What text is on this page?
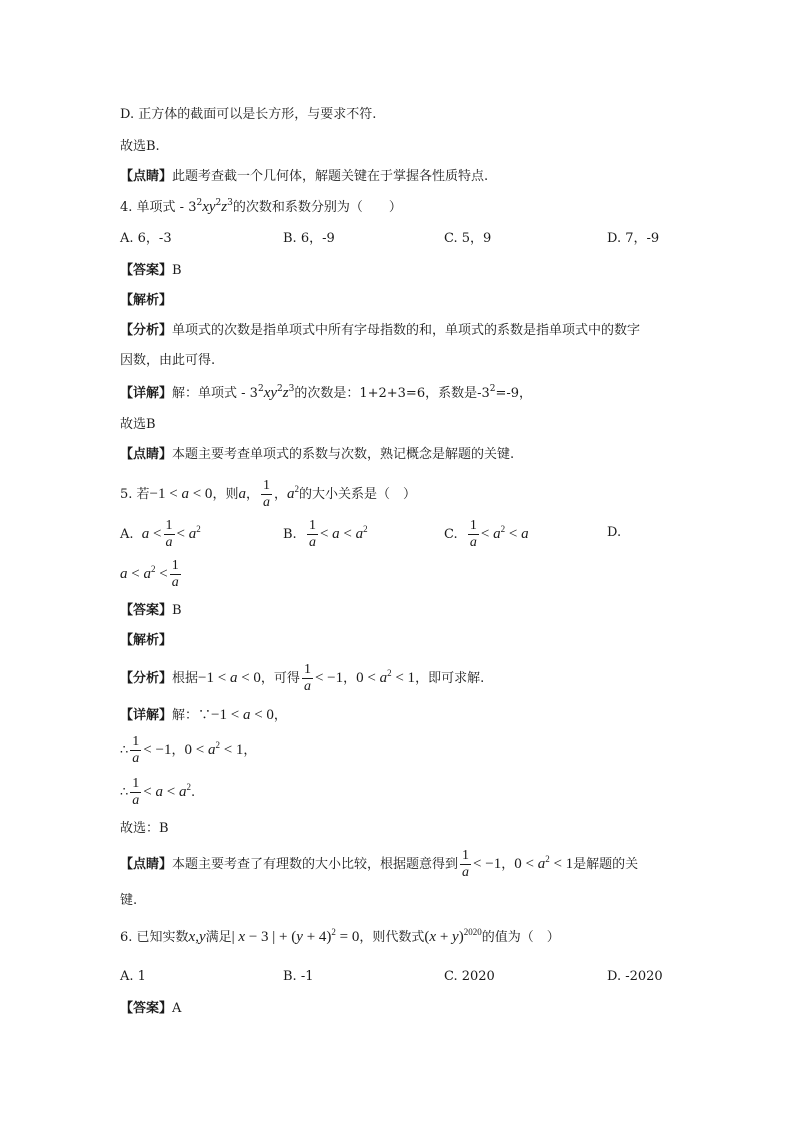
D. 正方体的截面可以是长方形，与要求不符.
故选B.
【点睛】此题考查截一个几何体，解题关键在于掌握各性质特点.
4. 单项式 - $3^2xy^2z^3$的次数和系数分别为（　　）
A. 6，-3	B. 6，-9	C. 5，9	D. 7，-9
【答案】B
【解析】
【分析】单项式的次数是指单项式中所有字母指数的和，单项式的系数是指单项式中的数字
因数，由此可得.
【详解】解：单项式 - $3^2xy^2z^3$的次数是：1+2+3=6，系数是$-3^2=-9$，
故选B
【点睛】本题主要考查单项式的系数与次数，熟记概念是解题的关键.
5. 若−1 < a < 0，则a， $\frac{1}{a}$ ，$a^2$的大小关系是（　）
A. $a < \frac{1}{a} < a^2$	B. $\frac{1}{a} < a < a^2$	C. $\frac{1}{a} < a^2 < a$	D.
$a < a^2 < \frac{1}{a}$
【答案】B
【解析】
【分析】根据−1 < a < 0，可得 $\frac{1}{a} < -1$，$0 < a^2 < 1$，即可求解.
【详解】解：∵−1 < a < 0，
∴ $\frac{1}{a} < -1$，$0 < a^2 < 1$，
∴ $\frac{1}{a} < a < a^2$.
故选：B
【点睛】本题主要考查了有理数的大小比较，根据题意得到 $\frac{1}{a} < -1$，$0 < a^2 < 1$是解题的关
键.
6. 已知实数x,y满足| x − 3 | + $(y + 4)^2 = 0$，则代数式$(x + y)^{2020}$的值为（　）
A. 1	B. -1	C. 2020	D. -2020
【答案】A
